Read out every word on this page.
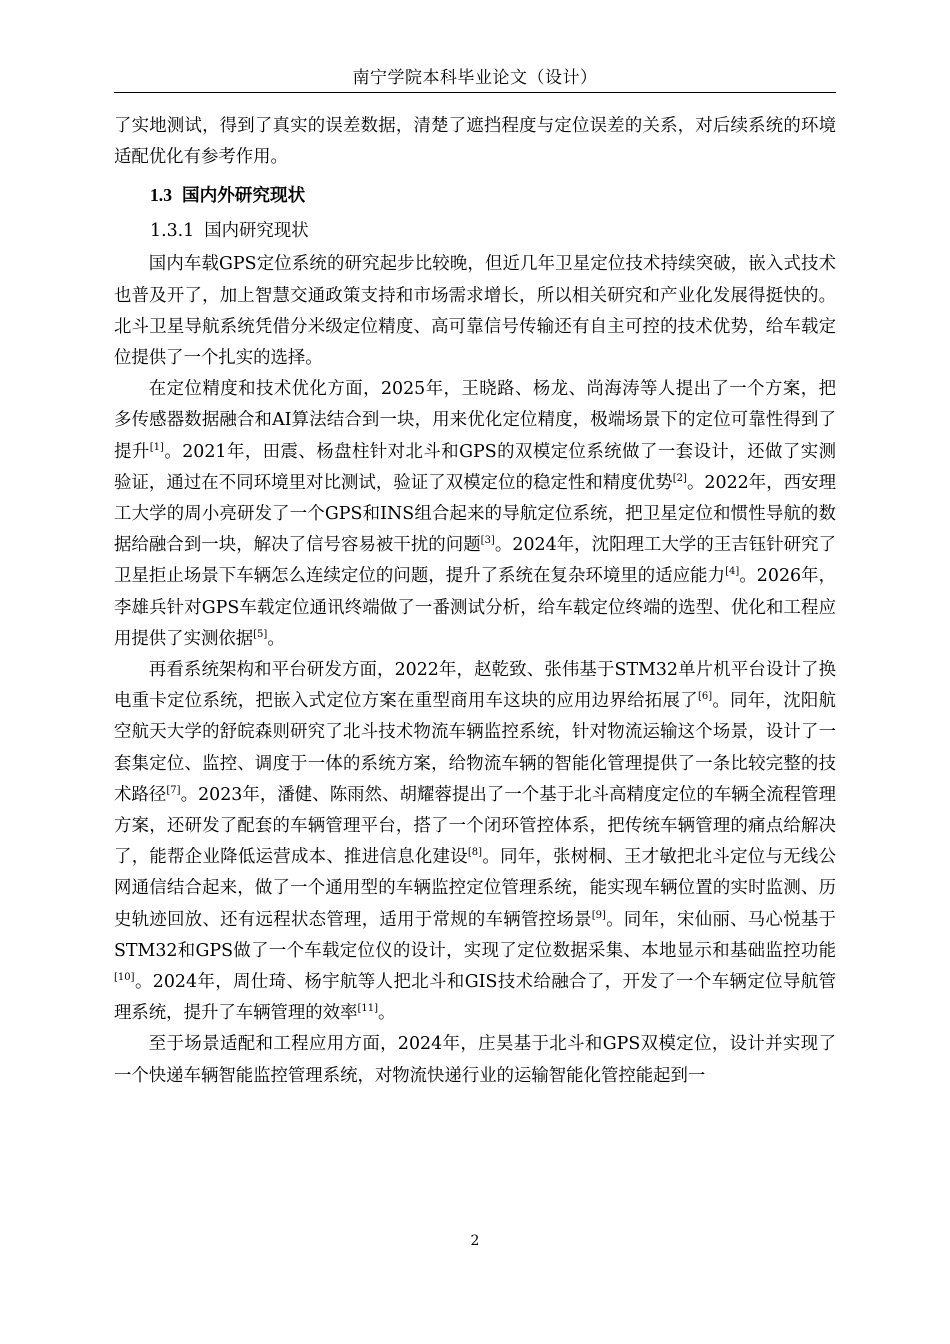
南宁学院本科毕业论文（设计）

了实地测试，得到了真实的误差数据，清楚了遮挡程度与定位误差的关系，对后续系统的环境适配优化有参考作用。

1.3 国内外研究现状
1.3.1 国内研究现状

国内车载GPS定位系统的研究起步比较晚，但近几年卫星定位技术持续突破，嵌入式技术也普及开了，加上智慧交通政策支持和市场需求增长，所以相关研究和产业化发展得挺快的。北斗卫星导航系统凭借分米级定位精度、高可靠信号传输还有自主可控的技术优势，给车载定位提供了一个扎实的选择。

在定位精度和技术优化方面，2025年，王晓路、杨龙、尚海涛等人提出了一个方案，把多传感器数据融合和AI算法结合到一块，用来优化定位精度，极端场景下的定位可靠性得到了提升[1]。2021年，田震、杨盘柱针对北斗和GPS的双模定位系统做了一套设计，还做了实测验证，通过在不同环境里对比测试，验证了双模定位的稳定性和精度优势[2]。2022年，西安理工大学的周小亮研发了一个GPS和INS组合起来的导航定位系统，把卫星定位和惯性导航的数据给融合到一块，解决了信号容易被干扰的问题[3]。2024年，沈阳理工大学的王吉钰针研究了卫星拒止场景下车辆怎么连续定位的问题，提升了系统在复杂环境里的适应能力[4]。2026年，李雄兵针对GPS车载定位通讯终端做了一番测试分析，给车载定位终端的选型、优化和工程应用提供了实测依据[5]。

再看系统架构和平台研发方面，2022年，赵乾致、张伟基于STM32单片机平台设计了换电重卡定位系统，把嵌入式定位方案在重型商用车这块的应用边界给拓展了[6]。同年，沈阳航空航天大学的舒皖森则研究了北斗技术物流车辆监控系统，针对物流运输这个场景，设计了一套集定位、监控、调度于一体的系统方案，给物流车辆的智能化管理提供了一条比较完整的技术路径[7]。2023年，潘健、陈雨然、胡耀蓉提出了一个基于北斗高精度定位的车辆全流程管理方案，还研发了配套的车辆管理平台，搭了一个闭环管控体系，把传统车辆管理的痛点给解决了，能帮企业降低运营成本、推进信息化建设[8]。同年，张树桐、王才敏把北斗定位与无线公网通信结合起来，做了一个通用型的车辆监控定位管理系统，能实现车辆位置的实时监测、历史轨迹回放、还有远程状态管理，适用于常规的车辆管控场景[9]。同年，宋仙丽、马心悦基于STM32和GPS做了一个车载定位仪的设计，实现了定位数据采集、本地显示和基础监控功能[10]。2024年，周仕琦、杨宇航等人把北斗和GIS技术给融合了，开发了一个车辆定位导航管理系统，提升了车辆管理的效率[11]。

至于场景适配和工程应用方面，2024年，庄昊基于北斗和GPS双模定位，设计并实现了一个快递车辆智能监控管理系统，对物流快递行业的运输智能化管控能起到一

2
